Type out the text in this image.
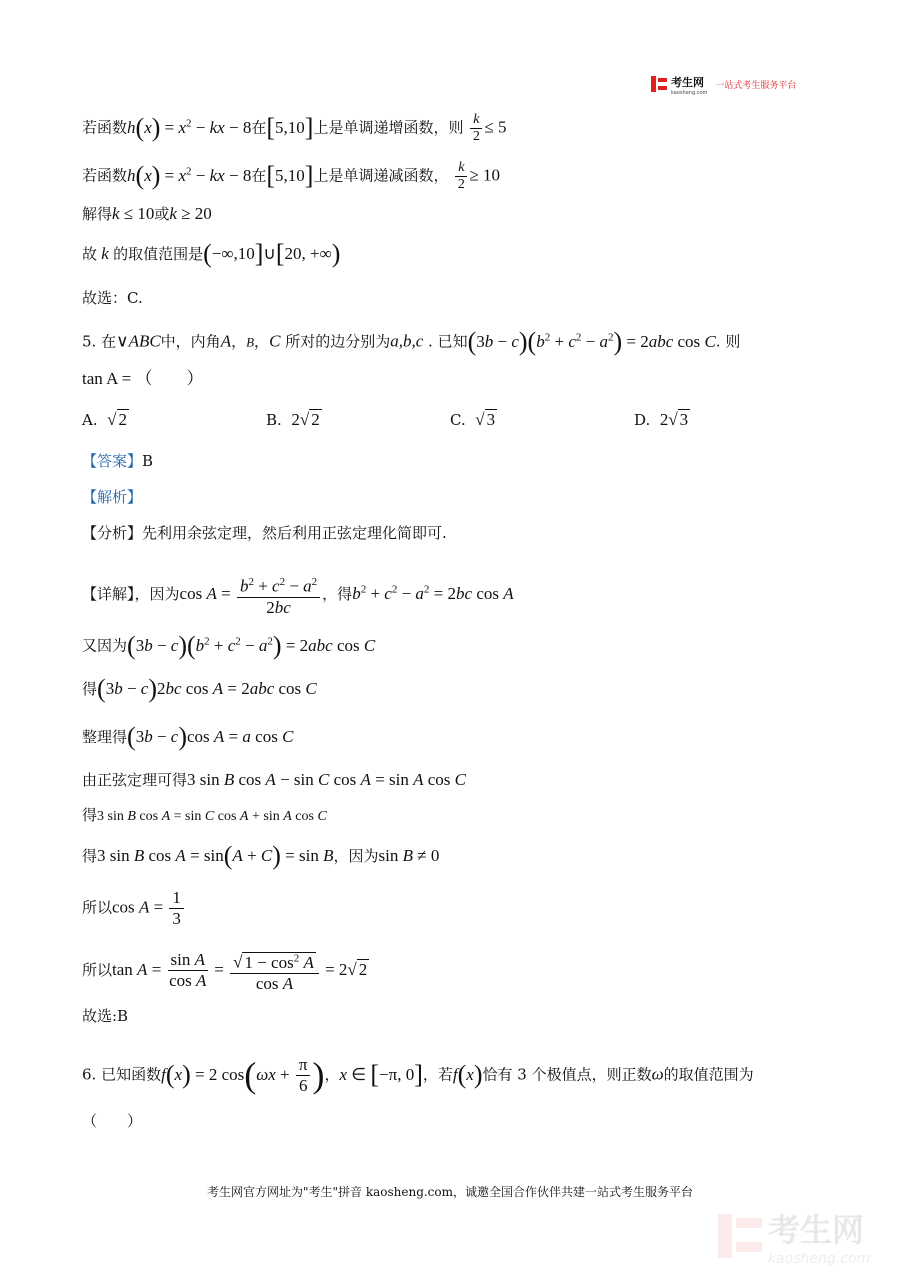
考生网
kaosheng.com
一站式考生服务平台
若函数$h(x) = x^2$ − kx − 8在[5,10]上是单调递增函数，则 $\frac{k}{2} \le 5$
若函数$h(x) = x^2$ − kx − 8在[5,10]上是单调递减函数， $\frac{k}{2} \ge 10$
解得k ≤ 10或k ≥ 20
故 k 的取值范围是(−∞,10]∪[20, +∞)
故选：C.
5. 在∨ABC中，内角A，B，C 所对的边分别为a,b,c . 已知$(3b - c)(b^2 + c^2 - a^2) = 2abc$ cos C. 则
tan A = （　　）
A. √ 2	B. 2√ 2	C. √ 3	D. 2√ 3
【答案】B
【解析】
【分析】先利用余弦定理，然后利用正弦定理化简即可.
【详解】，因为$\cos A = \frac{b^2 + c^2 - a^2}{2bc}$ ，得$b^2 + c^2 - a^2 = 2bc$ cos A
又因为$(3b - c)(b^2 + c^2 - a^2) = 2abc$ cos C
得(3b − c)2bc cos A = 2abc cos C
整理得(3b − c)cos A = a cos C
由正弦定理可得3 sin B cos A − sin C cos A = sin A cos C
得3 sin B cos A = sin C cos A + sin A cos C
得3 sin B cos A = sin(A + C) = sin B，因为sin B ≠ 0
所以$\cos A = \frac{1}{3}$
所以$\tan A = \frac{\text{sin A}}{\text{cos A}} = \frac{√ 1 - \cos^2 A}{\text{cos A}} = 2√$ 2
故选:B
6. 已知函数f(x) = 2 $\cos(\omega x + \frac{\pi}{6}$ )，x ∈ [−π, 0]，若f(x)恰有 3 个极值点，则正数ω的取值范围为
（　　）
考生网官方网址为"考生"拼音 kaosheng.com，诚邀全国合作伙伴共建一站式考生服务平台
考生网
kaosheng.com
